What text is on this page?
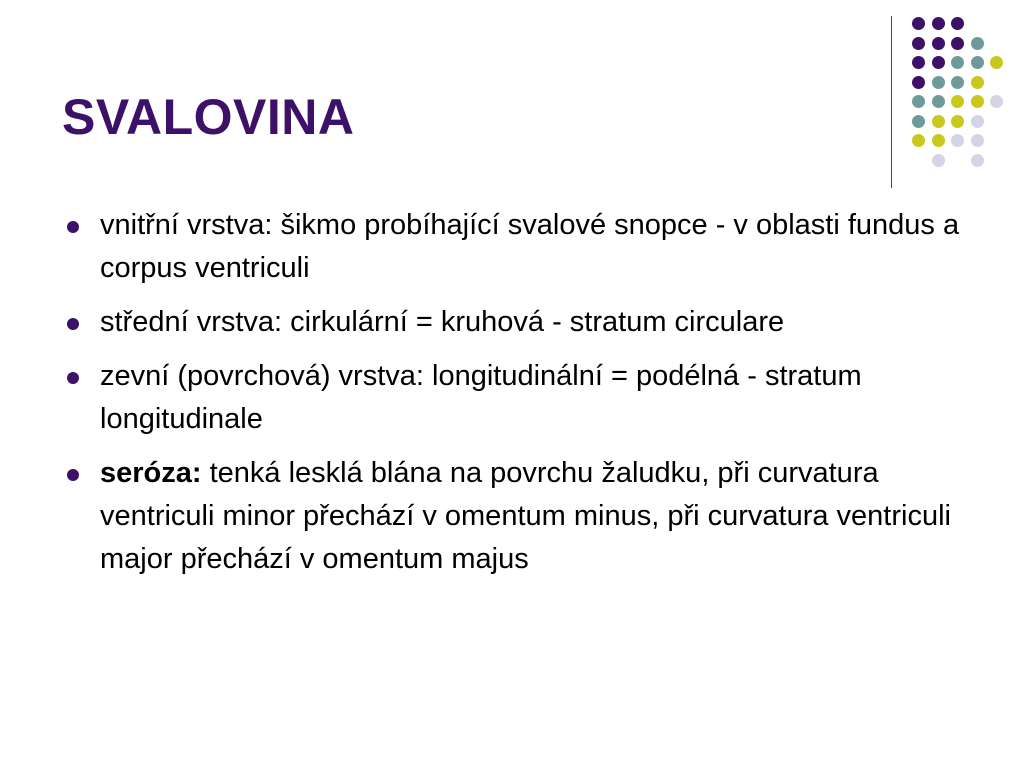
SVALOVINA
vnitřní vrstva: šikmo probíhající svalové snopce - v oblasti fundus a corpus ventriculi
střední vrstva: cirkulární = kruhová - stratum circulare
zevní (povrchová) vrstva: longitudinální = podélná - stratum longitudinale
seróza: tenká lesklá blána na povrchu žaludku, při curvatura ventriculi minor přechází v omentum minus, při curvatura ventriculi major přechází v omentum majus
